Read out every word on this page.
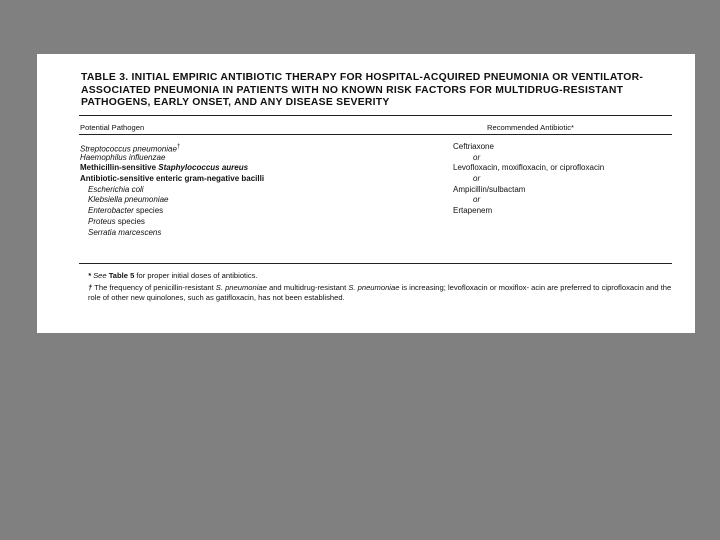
TABLE 3. INITIAL EMPIRIC ANTIBIOTIC THERAPY FOR HOSPITAL-ACQUIRED PNEUMONIA OR VENTILATOR-ASSOCIATED PNEUMONIA IN PATIENTS WITH NO KNOWN RISK FACTORS FOR MULTIDRUG-RESISTANT PATHOGENS, EARLY ONSET, AND ANY DISEASE SEVERITY
Potential Pathogen	Recommended Antibiotic*
Streptococcus pneumoniae†
Haemophilus influenzae
Methicillin-sensitive Staphylococcus aureus
Antibiotic-sensitive enteric gram-negative bacilli
Escherichia coli
Klebsiella pneumoniae
Enterobacter species
Proteus species
Serratia marcescens
Ceftriaxone
or
Levofloxacin, moxifloxacin, or ciprofloxacin
or
Ampicillin/sulbactam
or
Ertapenem

* See Table 5 for proper initial doses of antibiotics.

† The frequency of penicillin-resistant S. pneumoniae and multidrug-resistant S. pneumoniae is increasing; levofloxacin or moxiflox- acin are preferred to ciprofloxacin and the role of other new quinolones, such as gatifloxacin, has not been established.
